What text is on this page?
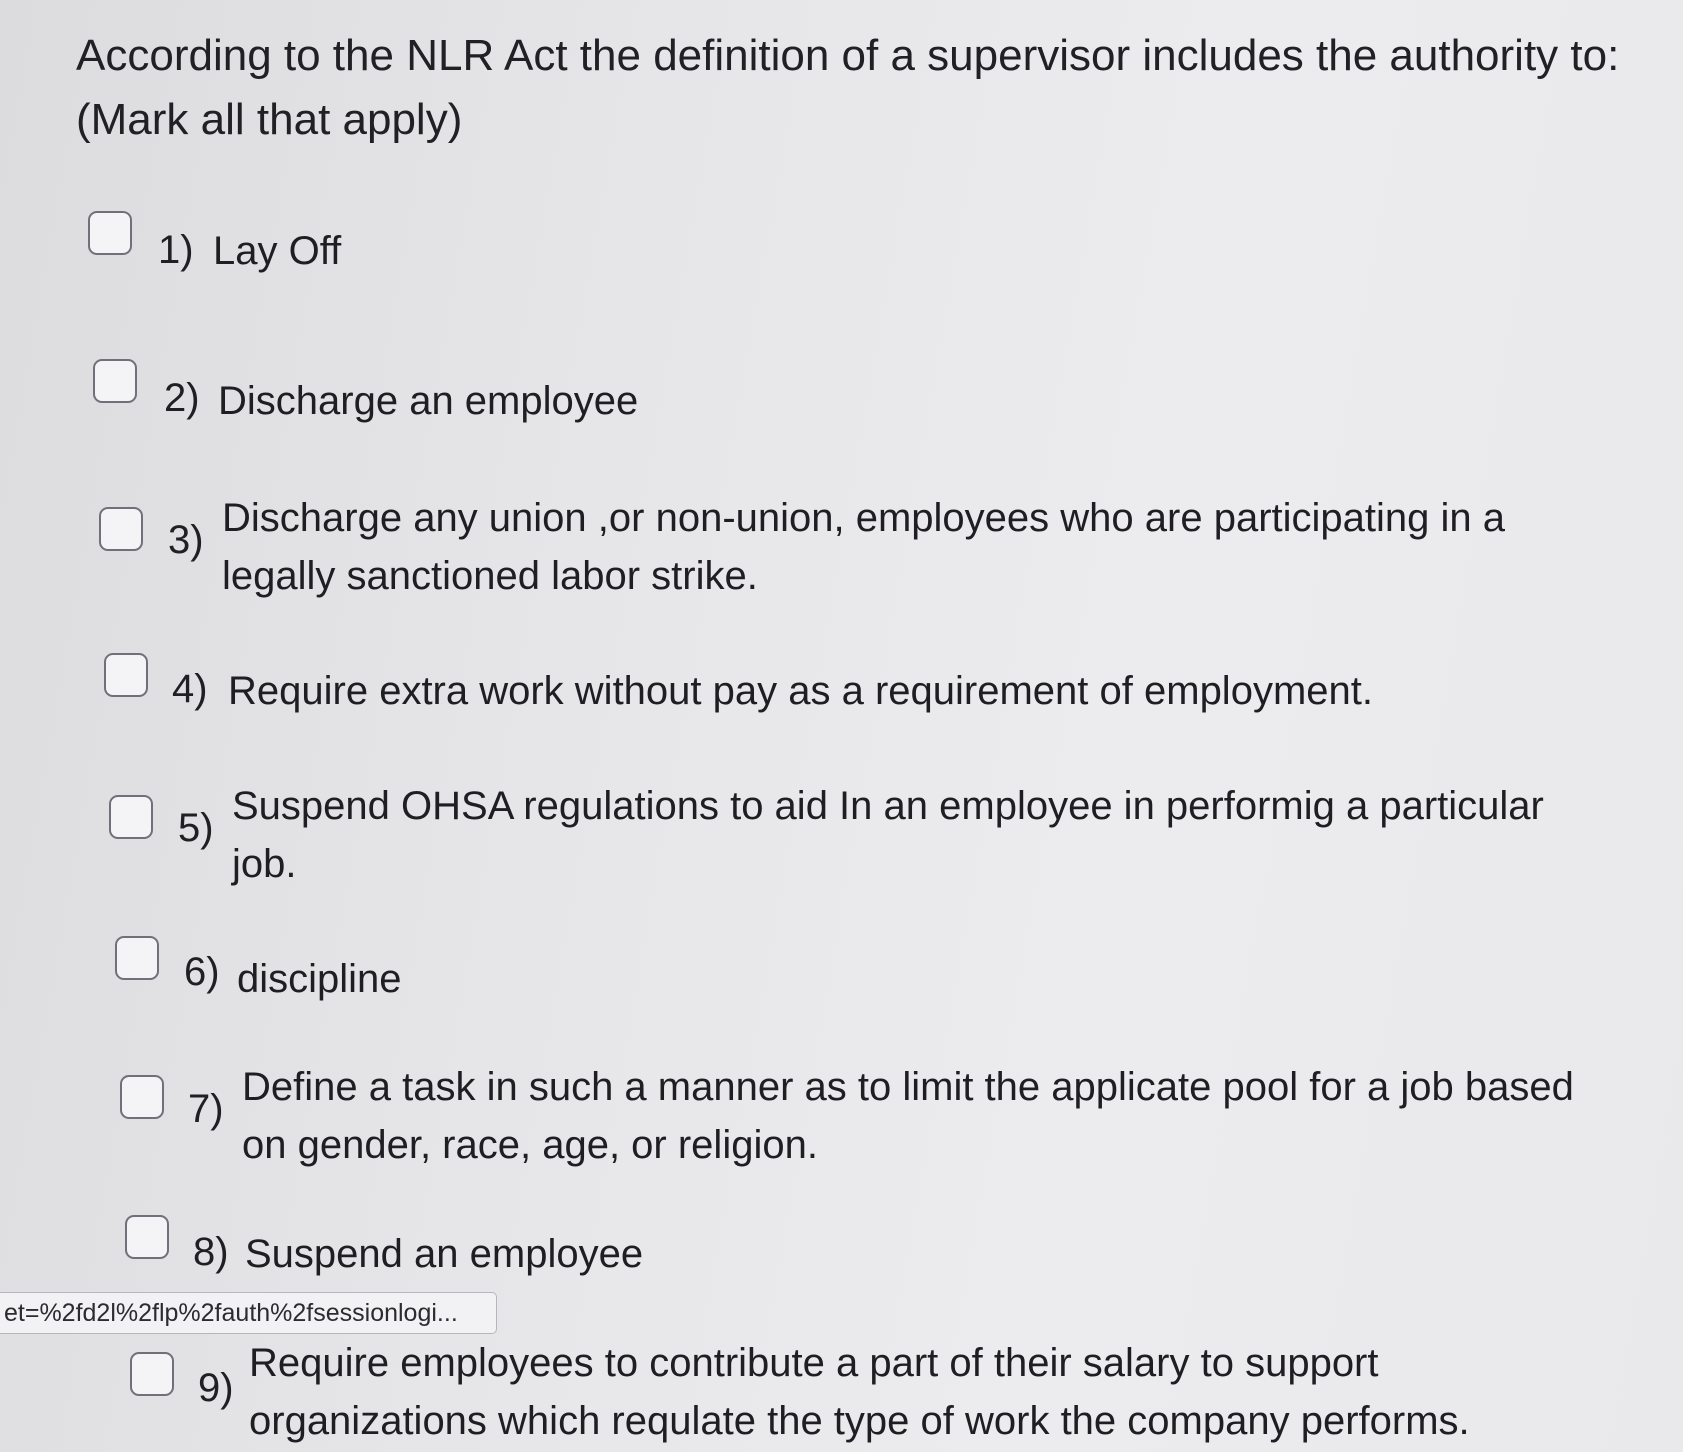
According to the NLR Act the definition of a supervisor includes the authority to:
(Mark all that apply)
1) Lay Off
2) Discharge an employee
3) Discharge any union ,or non-union, employees who are participating in a
legally sanctioned labor strike.
4) Require extra work without pay as a requirement of employment.
5) Suspend OHSA regulations to aid In an employee in performig a particular
job.
6) discipline
7) Define a task in such a manner as to limit the applicate pool for a job based
on gender, race, age, or religion.
8) Suspend an employee
et=%2fd2l%2flp%2fauth%2fsessionlogi...
9)
Require employees to contribute a part of their salary to support
organizations which requlate the type of work the company performs.
